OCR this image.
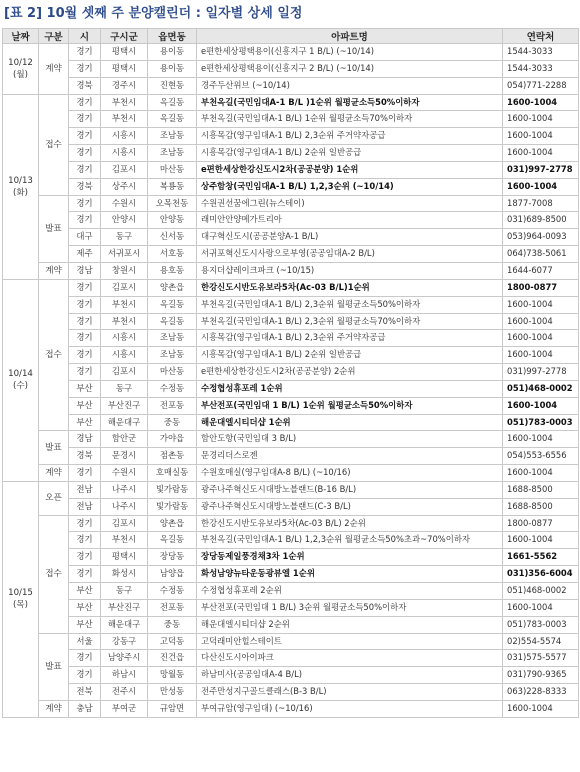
[표 2] 10월 셋째 주 분양캘린더 : 일자별 상세 일정
날짜	구분	시	구시군	읍면동	아파트명	연락처
10/12
(월)	계약	경기	평택시	용이동	e편한세상평택용이(신흥지구 1 B/L) (~10/14)	1544-3033
		경기	평택시	용이동	e편한세상평택용이(신흥지구 2 B/L) (~10/14)	1544-3033
		경북	경주시	진현동	경주두산위브 (~10/14)	054)771-2288
10/13
(화)	접수	경기	부천시	옥길동	부천옥길(국민임대A-1 B/L )1순위 월평균소득50%이하자	1600-1004
		경기	부천시	옥길동	부천옥길(국민임대A-1 B/L) 1순위 월평균소득70%이하자	1600-1004
		경기	시흥시	조남동	시흥목감(영구임대A-1 B/L) 2,3순위 주거약자공급	1600-1004
		경기	시흥시	조남동	시흥목감(영구임대A-1 B/L) 2순위 일반공급	1600-1004
		경기	김포시	마산동	e편한세상한강신도시2차(공공분양) 1순위	031)997-2778
		경북	상주시	복룡동	상주함창(국민임대A-1 B/L) 1,2,3순위 (~10/14)	1600-1004
	발표	경기	수원시	오목천동	수원권선꿈에그린(뉴스테이)	1877-7008
		경기	안양시	안양동	래미안안양메가트리아	031)689-8500
		대구	동구	신서동	대구혁신도시(공공분양A-1 B/L)	053)964-0093
		제주	서귀포시	서호동	서귀포혁신도시사랑으로부영(공공임대A-2 B/L)	064)738-5061
	계약	경남	창원시	용호동	용지더샵레이크파크 (~10/15)	1644-6077
10/14
(수)	접수	경기	김포시	양촌읍	한강신도시반도유보라5차(Ac-03 B/L)1순위	1800-0877
		경기	부천시	옥길동	부천옥길(국민임대A-1 B/L) 2,3순위 월평균소득50%이하자	1600-1004
		경기	부천시	옥길동	부천옥길(국민임대A-1 B/L) 2,3순위 월평균소득70%이하자	1600-1004
		경기	시흥시	조남동	시흥목감(영구임대A-1 B/L) 2,3순위 주거약자공급	1600-1004
		경기	시흥시	조남동	시흥목감(영구임대A-1 B/L) 2순위 일반공급	1600-1004
		경기	김포시	마산동	e편한세상한강신도시2차(공공분양) 2순위	031)997-2778
		부산	동구	수정동	수정협성휴포레 1순위	051)468-0002
		부산	부산진구	전포동	부산전포(국민임대 1 B/L) 1순위 월평균소득50%이하자	1600-1004
		부산	해운대구	중동	해운대엘시티더샵 1순위	051)783-0003
	발표	경남	함안군	가야읍	함안도항(국민임대 3 B/L)	1600-1004
		경북	문경시	점촌동	문경리더스로젠	054)553-6556
	계약	경기	수원시	호매실동	수원호매실(영구임대A-8 B/L) (~10/16)	1600-1004
10/15
(목)	오픈	전남	나주시	빛가람동	광주나주혁신도시대방노블랜드(B-16 B/L)	1688-8500
		전남	나주시	빛가람동	광주나주혁신도시대방노블랜드(C-3 B/L)	1688-8500
	접수	경기	김포시	양촌읍	한강신도시반도유보라5차(Ac-03 B/L) 2순위	1800-0877
		경기	부천시	옥길동	부천옥길(국민임대A-1 B/L) 1,2,3순위 월평균소득50%초과~70%이하자	1600-1004
		경기	평택시	장당동	장당동제일풍경채3차 1순위	1661-5562
		경기	화성시	남양읍	화성남양뉴타운동광뷰엘 1순위	031)356-6004
		부산	동구	수정동	수정협성휴포레 2순위	051)468-0002
		부산	부산진구	전포동	부산전포(국민임대 1 B/L) 3순위 월평균소득50%이하자	1600-1004
		부산	해운대구	중동	해운대엘시티더샵 2순위	051)783-0003
	발표	서울	강동구	고덕동	고덕래미안힐스테이트	02)554-5574
		경기	남양주시	진건읍	다산신도시아이파크	031)575-5577
		경기	하남시	망월동	하남미사(공공임대A-4 B/L)	031)790-9365
		전북	전주시	만성동	전주만성지구골드클래스(B-3 B/L)	063)228-8333
	계약	충남	부여군	규암면	부여규암(영구임대) (~10/16)	1600-1004
